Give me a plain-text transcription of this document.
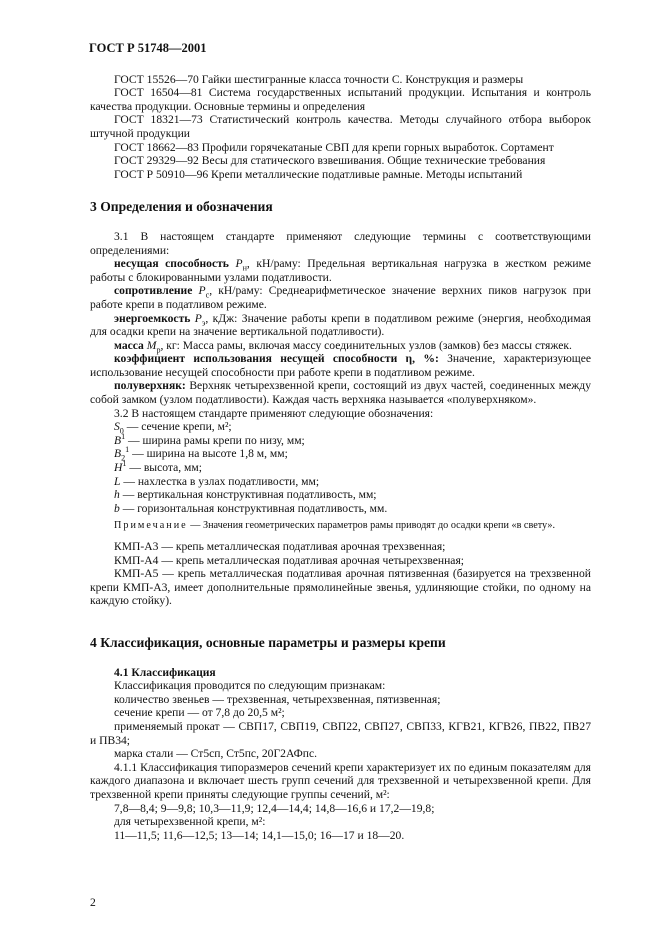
ГОСТ Р 51748—2001

ГОСТ 15526—70 Гайки шестигранные класса точности С. Конструкция и размеры

ГОСТ 16504—81 Система государственных испытаний продукции. Испытания и контроль качества продукции. Основные термины и определения

ГОСТ 18321—73 Статистический контроль качества. Методы случайного отбора выборок штучной продукции

ГОСТ 18662—83 Профили горячекатаные СВП для крепи горных выработок. Сортамент

ГОСТ 29329—92 Весы для статического взвешивания. Общие технические требования

ГОСТ Р 50910—96 Крепи металлические податливые рамные. Методы испытаний

3 Определения и обозначения

3.1 В настоящем стандарте применяют следующие термины с соответствующими определениями:

несущая способность $P_н$, кН/раму: Предельная вертикальная нагрузка в жестком режиме работы с блокированными узлами податливости.

сопротивление $P_c$, кН/раму: Среднеарифметическое значение верхних пиков нагрузок при работе крепи в податливом режиме.

энергоемкость $P_э$, кДж: Значение работы крепи в податливом режиме (энергия, необходимая для осадки крепи на значение вертикальной податливости).

масса $M_р$, кг: Масса рамы, включая массу соединительных узлов (замков) без массы стяжек.

коэффициент использования несущей способности η, %: Значение, характеризующее использование несущей способности при работе крепи в податливом режиме.

полуверхняк: Верхняк четырехзвенной крепи, состоящий из двух частей, соединенных между собой замком (узлом податливости). Каждая часть верхняка называется «полуверхняком».

3.2 В настоящем стандарте применяют следующие обозначения:

$S_0$ — сечение крепи, м²;

$B^1$ — ширина рамы крепи по низу, мм;

$B_2^1$ — ширина на высоте 1,8 м, мм;

$H^1$ — высота, мм;

L — нахлестка в узлах податливости, мм;

h — вертикальная конструктивная податливость, мм;

b — горизонтальная конструктивная податливость, мм.

Примечание — Значения геометрических параметров рамы приводят до осадки крепи «в свету».

КМП-А3 — крепь металлическая податливая арочная трехзвенная;

КМП-А4 — крепь металлическая податливая арочная четырехзвенная;

КМП-А5 — крепь металлическая податливая арочная пятизвенная (базируется на трехзвенной крепи КМП-А3, имеет дополнительные прямолинейные звенья, удлиняющие стойки, по одному на каждую стойку).

4 Классификация, основные параметры и размеры крепи

4.1 Классификация

Классификация проводится по следующим признакам:

количество звеньев — трехзвенная, четырехзвенная, пятизвенная;

сечение крепи — от 7,8 до 20,5 м²;

применяемый прокат — СВП17, СВП19, СВП22, СВП27, СВП33, КГВ21, КГВ26, ПВ22, ПВ27 и ПВ34;

марка стали — Ст5сп, Ст5пс, 20Г2АФпс.

4.1.1 Классификация типоразмеров сечений крепи характеризует их по единым показателям для каждого диапазона и включает шесть групп сечений для трехзвенной и четырехзвенной крепи. Для трехзвенной крепи приняты следующие группы сечений, м²:

7,8—8,4; 9—9,8; 10,3—11,9; 12,4—14,4; 14,8—16,6 и 17,2—19,8;

для четырехзвенной крепи, м²:

11—11,5; 11,6—12,5; 13—14; 14,1—15,0; 16—17 и 18—20.

2
